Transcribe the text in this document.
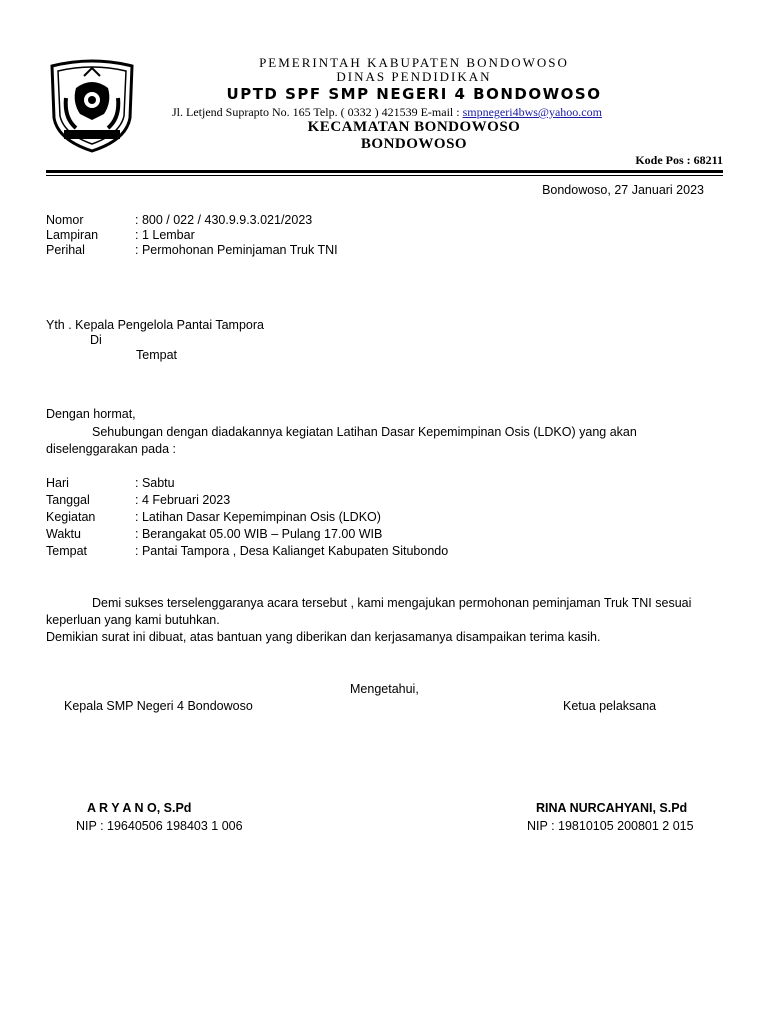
PEMERINTAH KABUPATEN BONDOWOSO
DINAS PENDIDIKAN
UPTD SPF SMP NEGERI 4 BONDOWOSO
Jl. Letjend Suprapto No. 165 Telp. ( 0332 ) 421539 E-mail : smpnegeri4bws@yahoo.com
KECAMATAN BONDOWOSO
BONDOWOSO
Kode Pos : 68211
Bondowoso, 27 Januari 2023
Nomor	: 800 / 022 / 430.9.9.3.021/2023
Lampiran	: 1 Lembar
Perihal	: Permohonan Peminjaman Truk TNI
Yth . Kepala Pengelola Pantai Tampora
Di
Tempat
Dengan hormat,
Sehubungan dengan diadakannya kegiatan Latihan Dasar Kepemimpinan Osis (LDKO) yang akan
diselenggarakan pada :
Hari	: Sabtu
Tanggal	: 4 Februari 2023
Kegiatan	: Latihan Dasar Kepemimpinan Osis (LDKO)
Waktu	: Berangakat 05.00 WIB – Pulang 17.00 WIB
Tempat	: Pantai Tampora , Desa Kalianget Kabupaten Situbondo
Demi sukses terselenggaranya acara tersebut , kami mengajukan permohonan peminjaman Truk TNI sesuai
keperluan yang kami butuhkan.
Demikian surat ini dibuat, atas bantuan yang diberikan dan kerjasamanya disampaikan terima kasih.
Mengetahui,
Kepala SMP Negeri 4 Bondowoso	Ketua pelaksana
A R Y A N O, S.Pd
NIP : 19640506 198403 1 006
RINA NURCAHYANI, S.Pd
NIP : 19810105 200801 2 015
